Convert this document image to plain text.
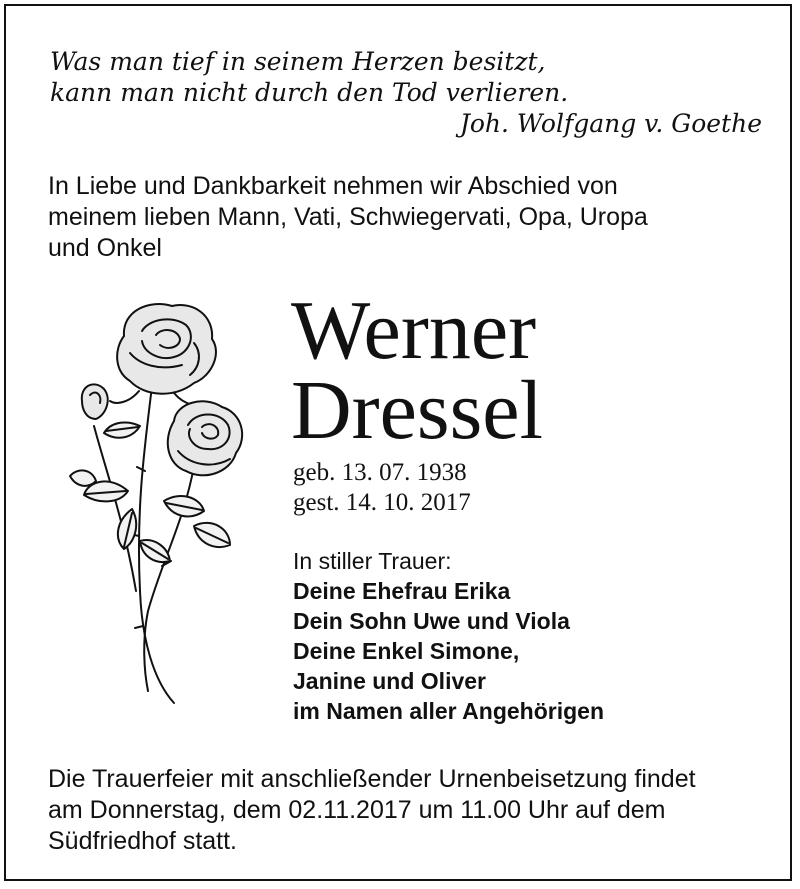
Was man tief in seinem Herzen besitzt,
kann man nicht durch den Tod verlieren.
Joh. Wolfgang v. Goethe
In Liebe und Dankbarkeit nehmen wir Abschied von
meinem lieben Mann, Vati, Schwiegervati, Opa, Uropa
und Onkel
Werner
Dressel
geb. 13. 07. 1938
gest. 14. 10. 2017
In stiller Trauer:
Deine Ehefrau Erika
Dein Sohn Uwe und Viola
Deine Enkel Simone,
Janine und Oliver
im Namen aller Angehörigen
Die Trauerfeier mit anschließender Urnenbeisetzung findet
am Donnerstag, dem 02.11.2017 um 11.00 Uhr auf dem
Südfriedhof statt.
